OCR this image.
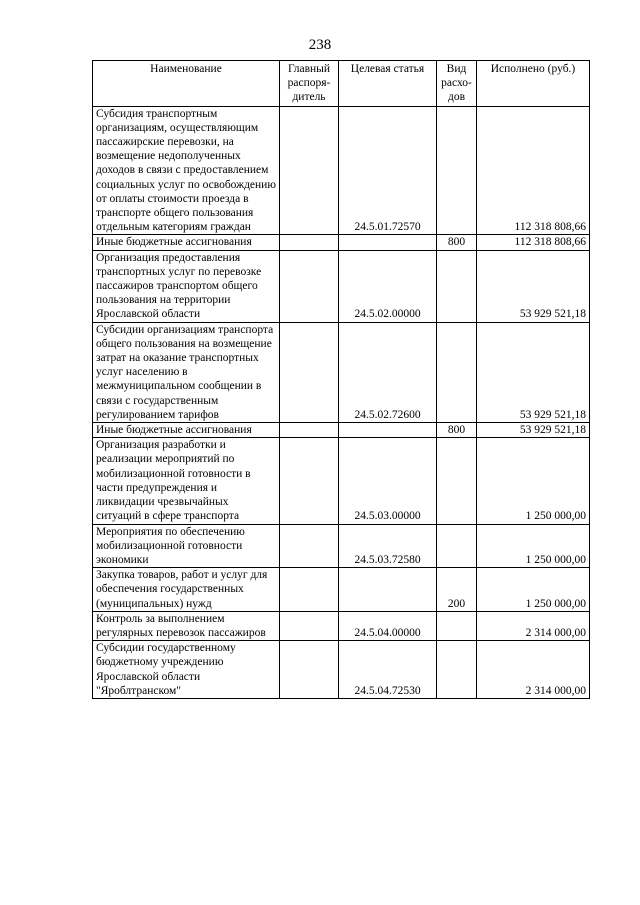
238
Наименование	Главный распоря-дитель	Целевая статья	Вид расхо-дов	Исполнено (руб.)
Субсидия транспортным организациям, осуществляющим пассажирские перевозки, на возмещение недополученных доходов в связи с предоставлением социальных услуг по освобождению от оплаты стоимости проезда в транспорте общего пользования отдельным категориям граждан		24.5.01.72570		112 318 808,66
Иные бюджетные ассигнования			800	112 318 808,66
Организация предоставления транспортных услуг по перевозке пассажиров транспортом общего пользования на территории Ярославской области		24.5.02.00000		53 929 521,18
Субсидии организациям транспорта общего пользования на возмещение затрат на оказание транспортных услуг населению в межмуниципальном сообщении в связи с государственным регулированием тарифов		24.5.02.72600		53 929 521,18
Иные бюджетные ассигнования			800	53 929 521,18
Организация разработки и реализации мероприятий по мобилизационной готовности в части предупреждения и ликвидации чрезвычайных ситуаций в сфере транспорта		24.5.03.00000		1 250 000,00
Мероприятия по обеспечению мобилизационной готовности экономики		24.5.03.72580		1 250 000,00
Закупка товаров, работ и услуг для обеспечения государственных (муниципальных) нужд			200	1 250 000,00
Контроль за выполнением регулярных перевозок пассажиров		24.5.04.00000		2 314 000,00
Субсидии государственному бюджетному учреждению Ярославской области "Яроблтранском"		24.5.04.72530		2 314 000,00
